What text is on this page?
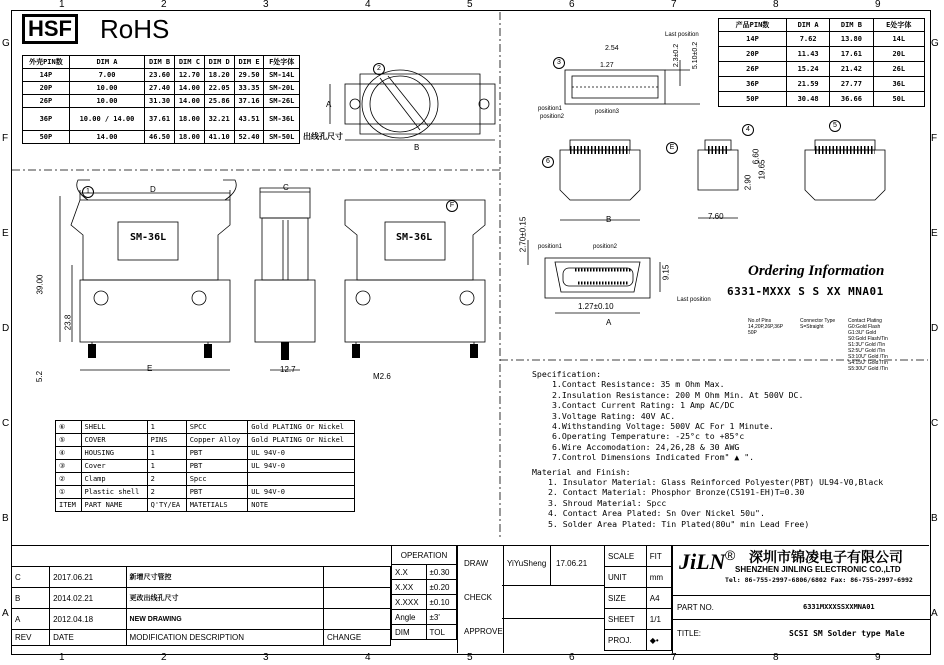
1	2	3	4	5	6	7	8	9
1	2	3	4	5	6	7	8	9
G
F
E
D
C
B
A
G
F
E
D
C
B
A
HSF RoHS
出线孔尺寸
外壳PIN数	DIM A	DIM B	DIM C	DIM D	DIM E	F处字体
14P	7.00	23.60	12.70	18.20	29.50	SM-14L
20P	10.00	27.40	14.00	22.05	33.35	SM-20L
26P	10.00	31.30	14.00	25.86	37.16	SM-26L
36P	10.00 / 14.00	37.61	18.00	32.21	43.51	SM-36L
50P	14.00	46.50	18.00	41.10	52.40	SM-50L
产品PIN数	DIM A	DIM B	E处字体
14P	7.62	13.80	14L
20P	11.43	17.61	20L
26P	15.24	21.42	26L
36P	21.59	27.77	36L
50P	30.48	36.66	50L
SM-36L	SM-36L
D	C
E
A
B
39.00
23.8
5.2
12.7
M2.6
2.54
1.27	2.3±0.2 5.10±0.2
Last position
position1
position2
position3
6.60
2.90
19.65
7.60
2.70±0.15
9.15
1.27±0.10
position1	position2
Last position
B
A
1
2
3
4
5
6
E
F
Ordering Information
6331-MXXX S S XX MNA01
No.of Pins 14,20P,26P,36P 50P
Connector Type S=Straight
Contact Plating
G0:Gold Flash
G1:3U" Gold
S0:Gold Flash/Tin
S1:3U" Gold /Tin
S2:5U" Gold /Tin
S3:10U" Gold /Tin
S4:15U" Gold /Tin
S5:30U" Gold /Tin
Specification:
1.Contact Resistance: 35 m Ohm Max.
2.Insulation Resistance: 200 M Ohm Min. At 500V DC.
3.Contact Current Rating: 1 Amp AC/DC
3.Voltage Rating: 40V AC.
4.Withstanding Voltage: 500V AC For 1 Minute.
6.Operating Temperature: -25°c to +85°c
6.Wire Accomodation: 24,26,28 & 30 AWG
7.Control Dimensions Indicated From" ▲ ".
Material and Finish:
1. Insulator Material: Glass Reinforced Polyester(PBT) UL94-V0,Black
2. Contact Material: Phosphor Bronze(C5191-EH)T=0.30
3. Shroud Material: Spcc
4. Contact Area Plated: Sn Over Nickel 50u".
5. Solder Area Plated: Tin Plated(80u" min Lead Free)
⑥	SHELL	1	SPCC	Gold PLATING Or Nickel
⑤	COVER	PINS	Copper Alloy	Gold PLATING Or Nickel
④	HOUSING	1	PBT	UL 94V-0
③	Cover	1	PBT	UL 94V-0
②	Clamp	2	Spcc	
①	Plastic shell	2	PBT	UL 94V-0
ITEM	PART NAME	Q'TY/EA	MATETIALS	NOTE
C	2017.06.21	新增尺寸管控	
B	2014.02.21	更改出线孔尺寸	
A	2012.04.18	NEW DRAWING	
REV	DATE	MODIFICATION DESCRIPTION	CHANGE
OPERATION	
X.X	±0.30
X.XX	±0.20
X.XXX	±0.10
Angle	±3'
DIM	TOL
DRAW
CHECK
APPROVE
YiYuSheng 17.06.21
SCALE	FIT
UNIT	mm
SIZE	A4
SHEET	1/1
PROJ.	◆•
JiLN ® 深圳市锦凌电子有限公司
SHENZHEN JINLING ELECTRONIC CO.,LTD
Tel: 86-755-2997-6806/6802 Fax: 86-755-2997-6992
PART NO.	6331MXXXSSXXMNA01
TITLE:	SCSI SM Solder type Male
